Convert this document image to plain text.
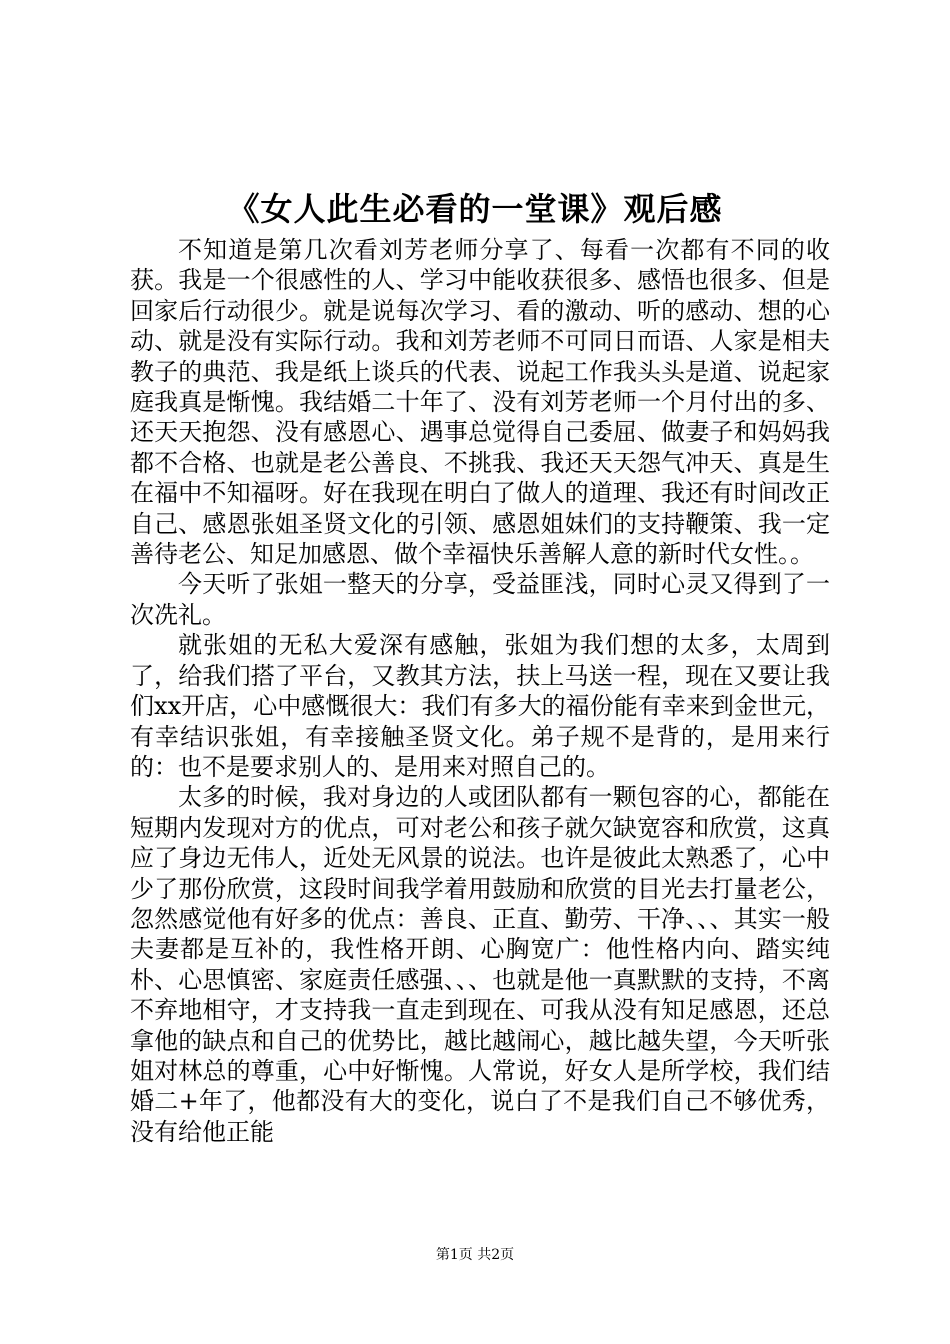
《女人此生必看的一堂课》观后感

不知道是第几次看刘芳老师分享了、每看一次都有不同的收获。我是一个很感性的人、学习中能收获很多、感悟也很多、但是回家后行动很少。就是说每次学习、看的激动、听的感动、想的心动、就是没有实际行动。我和刘芳老师不可同日而语、人家是相夫教子的典范、我是纸上谈兵的代表、说起工作我头头是道、说起家庭我真是惭愧。我结婚二十年了、没有刘芳老师一个月付出的多、还天天抱怨、没有感恩心、遇事总觉得自己委屈、做妻子和妈妈我都不合格、也就是老公善良、不挑我、我还天天怨气冲天、真是生在福中不知福呀。好在我现在明白了做人的道理、我还有时间改正自己、感恩张姐圣贤文化的引领、感恩姐妹们的支持鞭策、我一定善待老公、知足加感恩、做个幸福快乐善解人意的新时代女性。。

今天听了张姐一整天的分享，受益匪浅，同时心灵又得到了一次冼礼。

就张姐的无私大爱深有感触，张姐为我们想的太多，太周到了，给我们搭了平台，又教其方法，扶上马送一程，现在又要让我们xx开店，心中感慨很大：我们有多大的福份能有幸来到金世元，有幸结识张姐，有幸接触圣贤文化。弟子规不是背的，是用来行的：也不是要求别人的、是用来对照自己的。

太多的时候，我对身边的人或团队都有一颗包容的心，都能在短期内发现对方的优点，可对老公和孩子就欠缺宽容和欣赏，这真应了身边无伟人，近处无风景的说法。也许是彼此太熟悉了，心中少了那份欣赏，这段时间我学着用鼓励和欣赏的目光去打量老公，忽然感觉他有好多的优点：善良、正直、勤劳、干净、、、其实一般夫妻都是互补的，我性格开朗、心胸宽广：他性格内向、踏实纯朴、心思慎密、家庭责任感强、、、也就是他一真默默的支持，不离不弃地相守，才支持我一直走到现在、可我从没有知足感恩，还总拿他的缺点和自己的优势比，越比越闹心，越比越失望，今天听张姐对林总的尊重，心中好惭愧。人常说，好女人是所学校，我们结婚二+年了，他都没有大的变化，说白了不是我们自己不够优秀，没有给他正能

第1页 共2页
